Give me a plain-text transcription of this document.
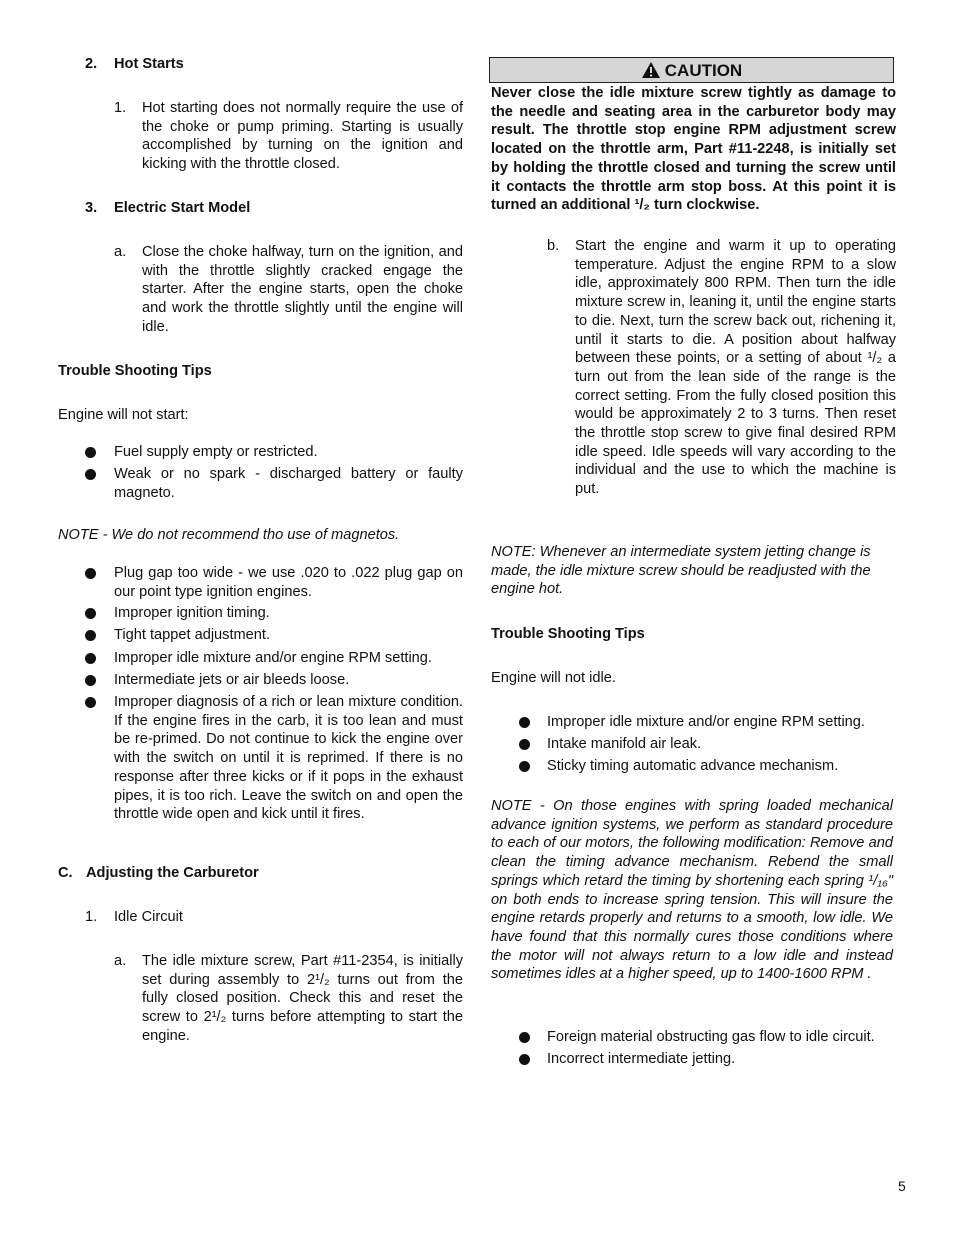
2. Hot Starts
1. Hot starting does not normally require the use of the choke or pump priming. Starting is usually accomplished by turning on the ignition and kicking with the throttle closed.
3. Electric Start Model
a. Close the choke halfway, turn on the ignition, and with the throttle slightly cracked engage the starter. After the engine starts, open the choke and work the throttle slightly until the engine will idle.
Trouble Shooting Tips
Engine will not start:
Fuel supply empty or restricted.
Weak or no spark - discharged battery or faulty magneto.
NOTE - We do not recommend tho use of magnetos.
Plug gap too wide - we use .020 to .022 plug gap on our point type ignition engines.
Improper ignition timing.
Tight tappet adjustment.
Improper idle mixture and/or engine RPM setting.
Intermediate jets or air bleeds loose.
Improper diagnosis of a rich or lean mixture condition. If the engine fires in the carb, it is too lean and must be re-primed. Do not continue to kick the engine over with the switch on until it is reprimed. If there is no response after three kicks or if it pops in the exhaust pipes, it is too rich. Leave the switch on and open the throttle wide open and kick until it fires.
C. Adjusting the Carburetor
1. Idle Circuit
a. The idle mixture screw, Part #11-2354, is initially set during assembly to 2¹/₂ turns out from the fully closed position. Check this and reset the screw to 2¹/₂ turns before attempting to start the engine.
CAUTION
Never close the idle mixture screw tightly as damage to the needle and seating area in the carburetor body may result. The throttle stop engine RPM adjustment screw located on the throttle arm, Part #11-2248, is initially set by holding the throttle closed and turning the screw until it contacts the throttle arm stop boss. At this point it is turned an additional ¹/₂ turn clockwise.
b. Start the engine and warm it up to operating temperature. Adjust the engine RPM to a slow idle, approximately 800 RPM. Then turn the idle mixture screw in, leaning it, until the engine starts to die. Next, turn the screw back out, richening it, until it starts to die. A position about halfway between these points, or a setting of about ¹/₂ a turn out from the lean side of the range is the correct setting. From the fully closed position this would be approximately 2 to 3 turns. Then reset the throttle stop screw to give final desired RPM idle speed. Idle speeds will vary according to the individual and the use to which the machine is put.
NOTE: Whenever an intermediate system jetting change is made, the idle mixture screw should be readjusted with the engine hot.
Trouble Shooting Tips
Engine will not idle.
Improper idle mixture and/or engine RPM setting.
Intake manifold air leak.
Sticky timing automatic advance mechanism.
NOTE - On those engines with spring loaded mechanical advance ignition systems, we perform as standard procedure to each of our motors, the following modification: Remove and clean the timing advance mechanism. Rebend the small springs which retard the timing by shortening each spring ¹/₁₆" on both ends to increase spring tension. This will insure the engine retards properly and returns to a smooth, low idle. We have found that this normally cures those conditions where the motor will not always return to a low idle and instead sometimes idles at a higher speed, up to 1400-1600 RPM .
Foreign material obstructing gas flow to idle circuit.
Incorrect intermediate jetting.
5
